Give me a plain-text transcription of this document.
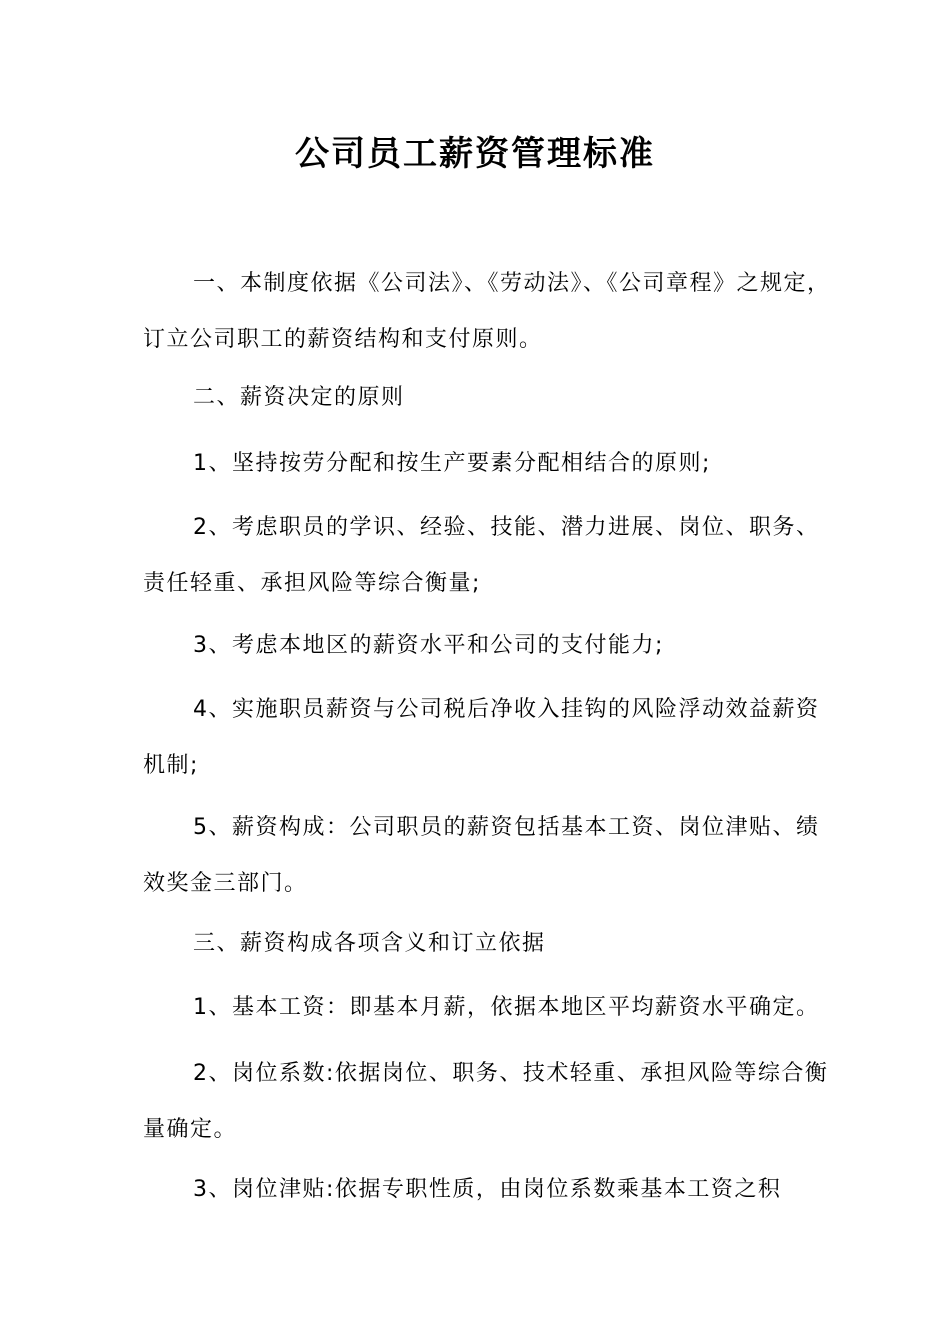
公司员工薪资管理标准
一、本制度依据《公司法》、《劳动法》、《公司章程》之规定，订立公司职工的薪资结构和支付原则。
二、薪资决定的原则
1、坚持按劳分配和按生产要素分配相结合的原则;
2、考虑职员的学识、经验、技能、潜力进展、岗位、职务、责任轻重、承担风险等综合衡量;
3、考虑本地区的薪资水平和公司的支付能力;
4、实施职员薪资与公司税后净收入挂钩的风险浮动效益薪资机制;
5、薪资构成：公司职员的薪资包括基本工资、岗位津贴、绩效奖金三部门。
三、薪资构成各项含义和订立依据
1、基本工资：即基本月薪，依据本地区平均薪资水平确定。
2、岗位系数:依据岗位、职务、技术轻重、承担风险等综合衡量确定。
3、岗位津贴:依据专职性质，由岗位系数乘基本工资之积
